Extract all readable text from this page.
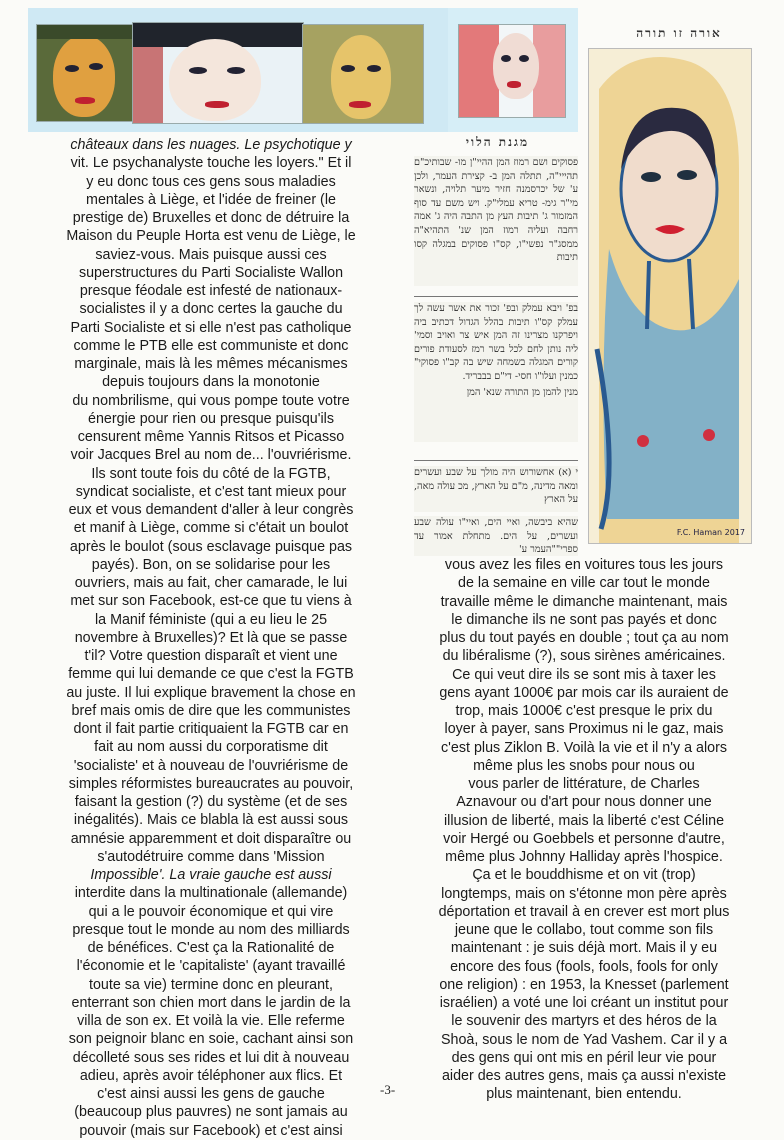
אורה זו תורה
F.C. Haman 2017
מגנת הלוי

פסוקים ושם רמוז המן ההיי"ן מו- שבותיכ"ם תהייי"ה, תתלה המן ב- קצירת העמר, ולכן ע' של יכרסמנה חזיר מיער תלויה, ונשאר מי"ר גימ- טריא עמלי"ק. ויש משם עד סוף המזמור ג' תיבות העץ מן התבה היה ג' אמה רחבה ועליה רמוז המן שנ' התהיא"ה ממסג"ר נפשי"ו, קס"ו פסוקים במגלה קסו תיבות

בפ' ויבא עמלק ובפ' זכור את אשר עשה לך עמלק קס"ו תיבות בהלל הגדול דכתיב ביה ויפרקנו מצרינו זה המן איש צר ואויב וסמי' ליה נותן לחם לכל בשר רמז לסעודת פורים קורים המגלה בשמחה שיש בה קב"ו פסוקי" כמנין ועלו"ו חסי- די"ם בבבריד.

מנין להמן מן התורה שנא' המן

י (א) אחשורוש היה מולך על שבע ועשרים ומאה מדינה, מ"ם על הארץ, מכ עולה מאה, על הארץ

שהיא ביבשה, ואיי הים, ואיי"ו עולה שבע ועשרים, על הים. מתחלת אמור עד ספרי""העמר ע'

châteaux dans les nuages. Le psychotique y

vit. Le psychanalyste touche les loyers." Et il

y eu donc tous ces gens sous maladies

mentales à Liège, et l'idée de freiner (le

prestige de) Bruxelles et donc de détruire la

Maison du Peuple Horta est venu de Liège, le

saviez-vous. Mais puisque aussi ces

superstructures du Parti Socialiste Wallon

presque féodale est infesté de nationaux-

socialistes il y a donc certes la gauche du

Parti Socialiste et si elle n'est pas catholique

comme le PTB elle est communiste et donc

marginale, mais là les mêmes mécanismes

depuis toujours dans la monotonie

du nombrilisme, qui vous pompe toute votre

énergie pour rien ou presque puisqu'ils

censurent même Yannis Ritsos et Picasso

voir Jacques Brel au nom de... l'ouvriérisme.

Ils sont toute fois du côté de la FGTB,

syndicat socialiste, et c'est tant mieux pour

eux et vous demandent d'aller à leur congrès

et manif à Liège, comme si c'était un boulot

après le boulot (sous esclavage puisque pas

payés). Bon, on se solidarise pour les

ouvriers, mais au fait, cher camarade, le lui

met sur son Facebook, est-ce que tu viens à

la Manif féministe (qui a eu lieu le 25

novembre à Bruxelles)? Et là que se passe

t'il? Votre question disparaît et vient une

femme qui lui demande ce que c'est la FGTB

au juste. Il lui explique bravement la chose en

bref mais omis de dire que les communistes

dont il fait partie critiquaient la FGTB car en

fait au nom aussi du corporatisme dit

'socialiste' et à nouveau de l'ouvriérisme de

simples réformistes bureaucrates au pouvoir,

faisant la gestion (?) du système (et de ses

inégalités). Mais ce blabla là est aussi sous

amnésie apparemment et doit disparaître ou

s'autodétruire comme dans 'Mission

Impossible'. La vraie gauche est aussi

interdite dans la multinationale (allemande)

qui a le pouvoir économique et qui vire

presque tout le monde au nom des milliards

de bénéfices. C'est ça la Rationalité de

l'économie et le 'capitaliste' (ayant travaillé

toute sa vie) termine donc en pleurant,

enterrant son chien mort dans le jardin de la

villa de son ex. Et voilà la vie. Elle referme

son peignoir blanc en soie, cachant ainsi son

décolleté sous ses rides et lui dit à nouveau

adieu, après avoir téléphoner aux flics. Et

c'est ainsi aussi les gens de gauche

(beaucoup plus pauvres) ne sont jamais au

pouvoir (mais sur Facebook) et c'est ainsi

vous avez les files en voitures tous les jours

de la semaine en ville car tout le monde

travaille même le dimanche maintenant, mais

le dimanche ils ne sont pas payés et donc

plus du tout payés en double ; tout ça au nom

du libéralisme (?), sous sirènes américaines.

Ce qui veut dire ils se sont mis à taxer les

gens ayant 1000€ par mois car ils auraient de

trop, mais 1000€ c'est presque le prix du

loyer à payer, sans Proximus ni le gaz, mais

c'est plus Ziklon B. Voilà la vie et il n'y a alors

même plus les snobs pour nous ou

vous parler de littérature, de Charles

Aznavour ou d'art pour nous donner une

illusion de liberté, mais la liberté c'est Céline

voir Hergé ou Goebbels et personne d'autre,

même plus Johnny Halliday après l'hospice.

Ça et le bouddhisme et on vit (trop)

longtemps, mais on s'étonne mon père après

déportation et travail à en crever est mort plus

jeune que le collabo, tout comme son fils

maintenant : je suis déjà mort. Mais il y eu

encore des fous (fools, fools, fools for only

one religion) : en 1953, la Knesset (parlement

israélien) a voté une loi créant un institut pour

le souvenir des martyrs et des héros de la

Shoà, sous le nom de Yad Vashem. Car il y a

des gens qui ont mis en péril leur vie pour

aider des autres gens, mais ça aussi n'existe

plus maintenant, bien entendu.

-3-
